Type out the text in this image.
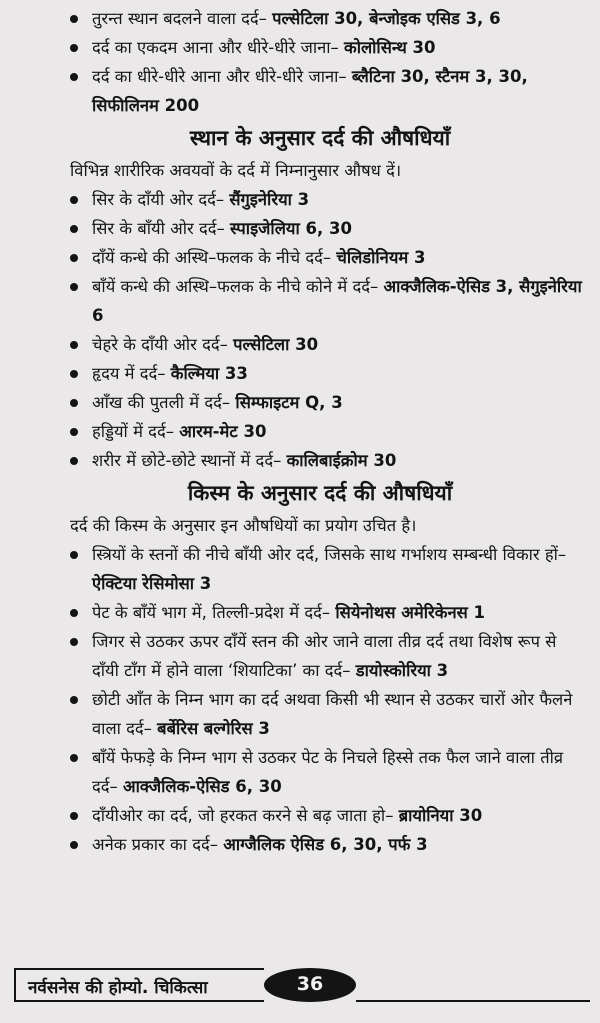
तुरन्त स्थान बदलने वाला दर्द– पल्सेटिला 30, बेन्जोइक एसिड 3, 6
दर्द का एकदम आना और धीरे-धीरे जाना– कोलोसिन्थ 30
दर्द का धीरे-धीरे आना और धीरे-धीरे जाना– ब्लैटिना 30, स्टैनम 3, 30, सिफीलिनम 200
स्थान के अनुसार दर्द की औषधियाँ
विभिन्न शारीरिक अवयवों के दर्द में निम्नानुसार औषध दें।
सिर के दाँयी ओर दर्द– सैंगुइनेरिया 3
सिर के बाँयी ओर दर्द– स्पाइजेलिया 6, 30
दाँयें कन्धे की अस्थि–फलक के नीचे दर्द– चेलिडोनियम 3
बाँयें कन्धे की अस्थि–फलक के नीचे कोने में दर्द– आक्जैलिक-ऐसिड 3, सैगुइनेरिया 6
चेहरे के दाँयी ओर दर्द– पल्सेटिला 30
हृदय में दर्द– कैल्मिया 33
आँख की पुतली में दर्द– सिम्फाइटम Q, 3
हड्डियों में दर्द– आरम-मेट 30
शरीर में छोटे-छोटे स्थानों में दर्द– कालिबाईक्रोम 30
किस्म के अनुसार दर्द की औषधियाँ
दर्द की किस्म के अनुसार इन औषधियों का प्रयोग उचित है।
स्त्रियों के स्तनों की नीचे बाँयी ओर दर्द, जिसके साथ गर्भाशय सम्बन्धी विकार हों– ऐक्टिया रेसिमोसा 3
पेट के बाँयें भाग में, तिल्ली-प्रदेश में दर्द– सियेनोथस अमेरिकेनस 1
जिगर से उठकर ऊपर दाँयें स्तन की ओर जाने वाला तीव्र दर्द तथा विशेष रूप से दाँयी टाँग में होने वाला ‘शियाटिका’ का दर्द– डायोस्कोरिया 3
छोटी आँत के निम्न भाग का दर्द अथवा किसी भी स्थान से उठकर चारों ओर फैलने वाला दर्द– बर्बेरिस बल्गेरिस 3
बाँयें फेफड़े के निम्न भाग से उठकर पेट के निचले हिस्से तक फैल जाने वाला तीव्र दर्द– आक्जैलिक-ऐसिड 6, 30
दाँयीओर का दर्द, जो हरकत करने से बढ़ जाता हो– ब्रायोनिया 30
अनेक प्रकार का दर्द– आग्जैलिक ऐसिड 6, 30, पर्फ 3
नर्वसनेस की होम्यो. चिकित्सा	36
